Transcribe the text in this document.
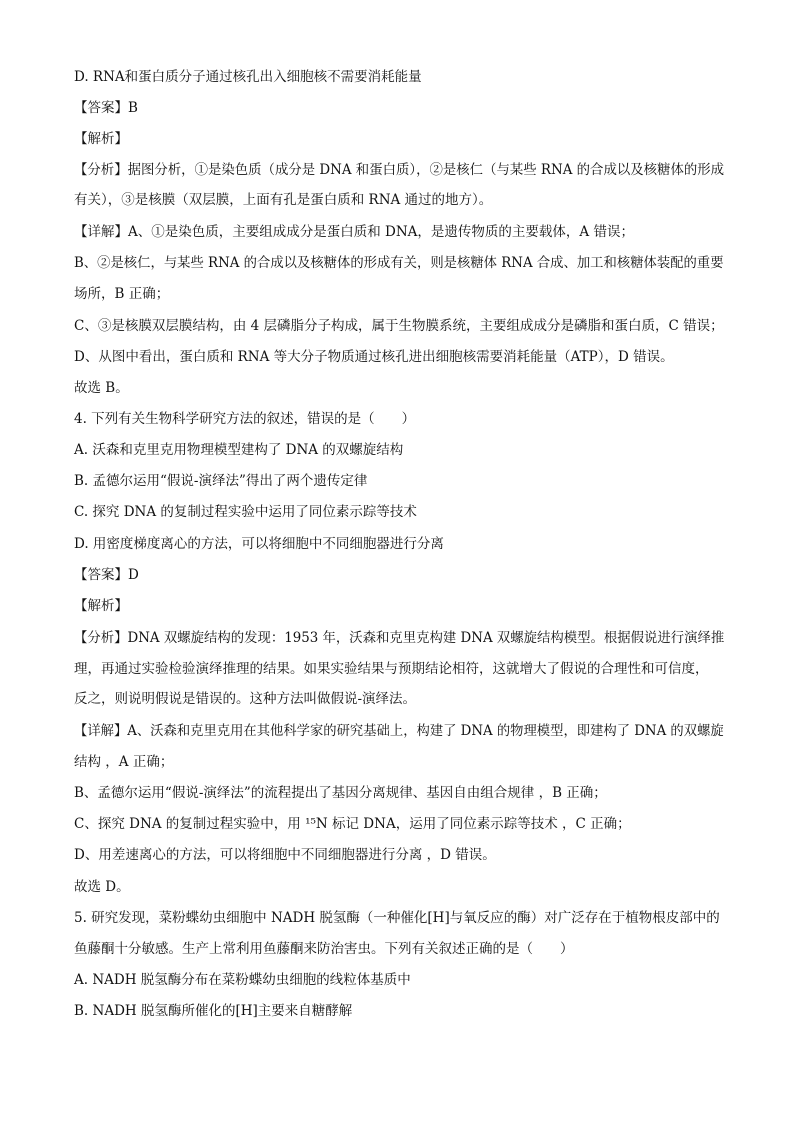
D. RNA和蛋白质分子通过核孔出入细胞核不需要消耗能量
【答案】B
【解析】
【分析】据图分析，①是染色质（成分是 DNA 和蛋白质），②是核仁（与某些 RNA 的合成以及核糖体的形成
有关），③是核膜（双层膜，上面有孔是蛋白质和 RNA 通过的地方）。
【详解】A、①是染色质，主要组成成分是蛋白质和 DNA，是遗传物质的主要载体，A 错误；
B、②是核仁，与某些 RNA 的合成以及核糖体的形成有关，则是核糖体 RNA 合成、加工和核糖体装配的重要
场所，B 正确；
C、③是核膜双层膜结构，由 4 层磷脂分子构成，属于生物膜系统，主要组成成分是磷脂和蛋白质，C 错误；
D、从图中看出，蛋白质和 RNA 等大分子物质通过核孔进出细胞核需要消耗能量（ATP），D 错误。
故选 B。
4. 下列有关生物科学研究方法的叙述，错误的是（　　）
A. 沃森和克里克用物理模型建构了 DNA 的双螺旋结构
B. 孟德尔运用“假说-演绎法”得出了两个遗传定律
C. 探究 DNA 的复制过程实验中运用了同位素示踪等技术
D. 用密度梯度离心的方法，可以将细胞中不同细胞器进行分离
【答案】D
【解析】
【分析】DNA 双螺旋结构的发现：1953 年，沃森和克里克构建 DNA 双螺旋结构模型。根据假说进行演绎推
理，再通过实验检验演绎推理的结果。如果实验结果与预期结论相符，这就增大了假说的合理性和可信度，
反之，则说明假说是错误的。这种方法叫做假说-演绎法。
【详解】A、沃森和克里克用在其他科学家的研究基础上，构建了 DNA 的物理模型，即建构了 DNA 的双螺旋
结构 ，A 正确；
B、孟德尔运用“假说-演绎法”的流程提出了基因分离规律、基因自由组合规律 ，B 正确；
C、探究 DNA 的复制过程实验中，用 ¹⁵N 标记 DNA，运用了同位素示踪等技术 ，C 正确；
D、用差速离心的方法，可以将细胞中不同细胞器进行分离 ，D 错误。
故选 D。
5. 研究发现，菜粉蝶幼虫细胞中 NADH 脱氢酶（一种催化[H]与氧反应的酶）对广泛存在于植物根皮部中的
鱼藤酮十分敏感。生产上常利用鱼藤酮来防治害虫。下列有关叙述正确的是（　　）
A. NADH 脱氢酶分布在菜粉蝶幼虫细胞的线粒体基质中
B. NADH 脱氢酶所催化的[H]主要来自糖酵解
